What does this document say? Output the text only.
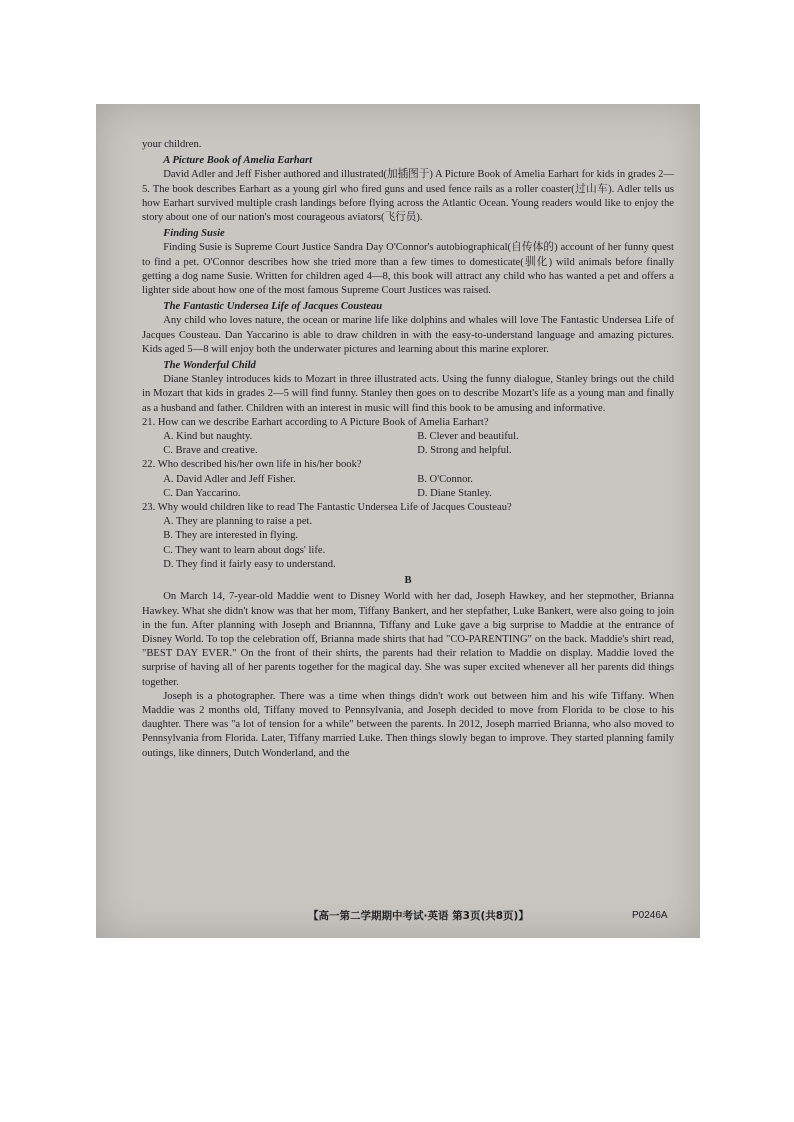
your children.

A Picture Book of Amelia Earhart

David Adler and Jeff Fisher authored and illustrated(加插图于) A Picture Book of Amelia Earhart for kids in grades 2—5. The book describes Earhart as a young girl who fired guns and used fence rails as a roller coaster(过山车). Adler tells us how Earhart survived multiple crash landings before flying across the Atlantic Ocean. Young readers would like to enjoy the story about one of our nation's most courageous aviators(飞行员).

Finding Susie

Finding Susie is Supreme Court Justice Sandra Day O'Connor's autobiographical(自传体的) account of her funny quest to find a pet. O'Connor describes how she tried more than a few times to domesticate(驯化) wild animals before finally getting a dog name Susie. Written for children aged 4—8, this book will attract any child who has wanted a pet and offers a lighter side about how one of the most famous Supreme Court Justices was raised.

The Fantastic Undersea Life of Jacques Cousteau

Any child who loves nature, the ocean or marine life like dolphins and whales will love The Fantastic Undersea Life of Jacques Cousteau. Dan Yaccarino is able to draw children in with the easy-to-understand language and amazing pictures. Kids aged 5—8 will enjoy both the underwater pictures and learning about this marine explorer.

The Wonderful Child

Diane Stanley introduces kids to Mozart in three illustrated acts. Using the funny dialogue, Stanley brings out the child in Mozart that kids in grades 2—5 will find funny. Stanley then goes on to describe Mozart's life as a young man and finally as a husband and father. Children with an interest in music will find this book to be amusing and informative.

21. How can we describe Earhart according to A Picture Book of Amelia Earhart?

A. Kind but naughty.	B. Clever and beautiful.
C. Brave and creative.	D. Strong and helpful.

22. Who described his/her own life in his/her book?

A. David Adler and Jeff Fisher.	B. O'Connor.
C. Dan Yaccarino.	D. Diane Stanley.

23. Why would children like to read The Fantastic Undersea Life of Jacques Cousteau?

A. They are planning to raise a pet.

B. They are interested in flying.

C. They want to learn about dogs' life.

D. They find it fairly easy to understand.

B

On March 14, 7-year-old Maddie went to Disney World with her dad, Joseph Hawkey, and her stepmother, Brianna Hawkey. What she didn't know was that her mom, Tiffany Bankert, and her stepfather, Luke Bankert, were also going to join in the fun. After planning with Joseph and Briannna, Tiffany and Luke gave a big surprise to Maddie at the entrance of Disney World. To top the celebration off, Brianna made shirts that had "CO-PARENTING" on the back. Maddie's shirt read, "BEST DAY EVER." On the front of their shirts, the parents had their relation to Maddie on display. Maddie loved the surprise of having all of her parents together for the magical day. She was super excited whenever all her parents did things together.

Joseph is a photographer. There was a time when things didn't work out between him and his wife Tiffany. When Maddie was 2 months old, Tiffany moved to Pennsylvania, and Joseph decided to move from Florida to be close to his daughter. There was "a lot of tension for a while" between the parents. In 2012, Joseph married Brianna, who also moved to Pennsylvania from Florida. Later, Tiffany married Luke. Then things slowly began to improve. They started planning family outings, like dinners, Dutch Wonderland, and the

【高一第二学期期中考试·英语 第3页(共8页)】	P0246A
